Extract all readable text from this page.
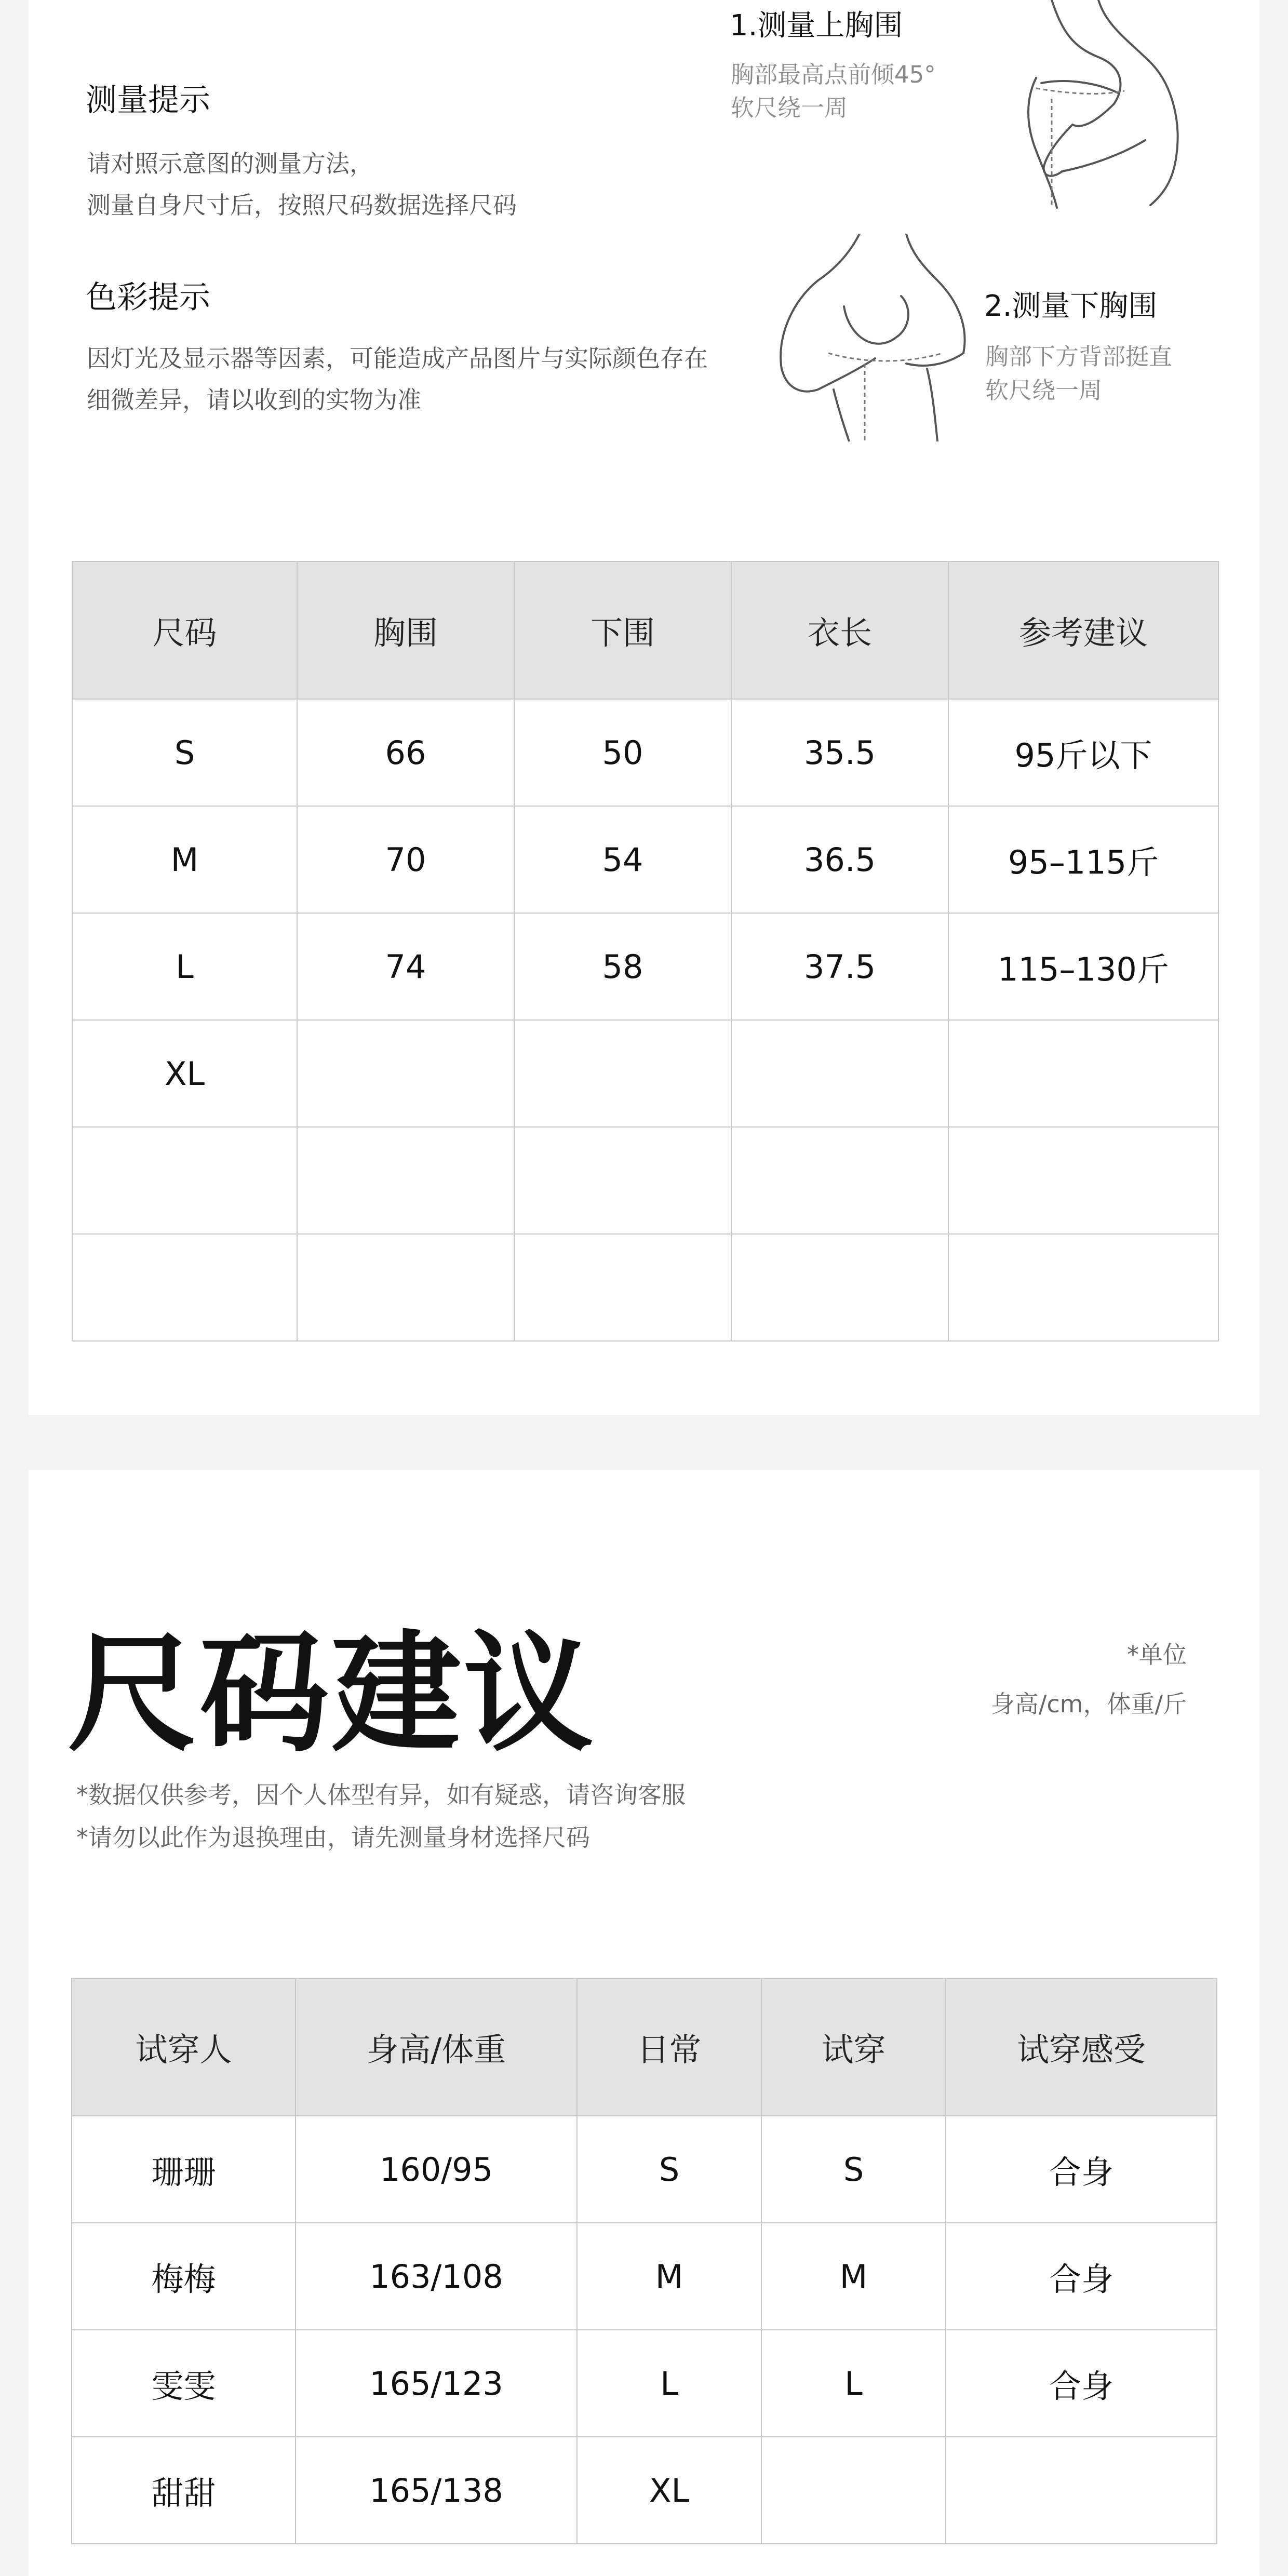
测量提示
请对照示意图的测量方法，
测量自身尺寸后，按照尺码数据选择尺码
色彩提示
因灯光及显示器等因素，可能造成产品图片与实际颜色存在
细微差异，请以收到的实物为准
1.测量上胸围
胸部最高点前倾45°
软尺绕一周
2.测量下胸围
胸部下方背部挺直
软尺绕一周
尺码	胸围	下围	衣长	参考建议
S	66	50	35.5	95斤以下
M	70	54	36.5	95–115斤
L	74	58	37.5	115–130斤
XL				

尺码建议	*单位
身高/cm，体重/斤
*数据仅供参考，因个人体型有异，如有疑惑，请咨询客服
*请勿以此作为退换理由，请先测量身材选择尺码
试穿人	身高/体重	日常	试穿	试穿感受
珊珊	160/95	S	S	合身
梅梅	163/108	M	M	合身
雯雯	165/123	L	L	合身
甜甜	165/138	XL		
